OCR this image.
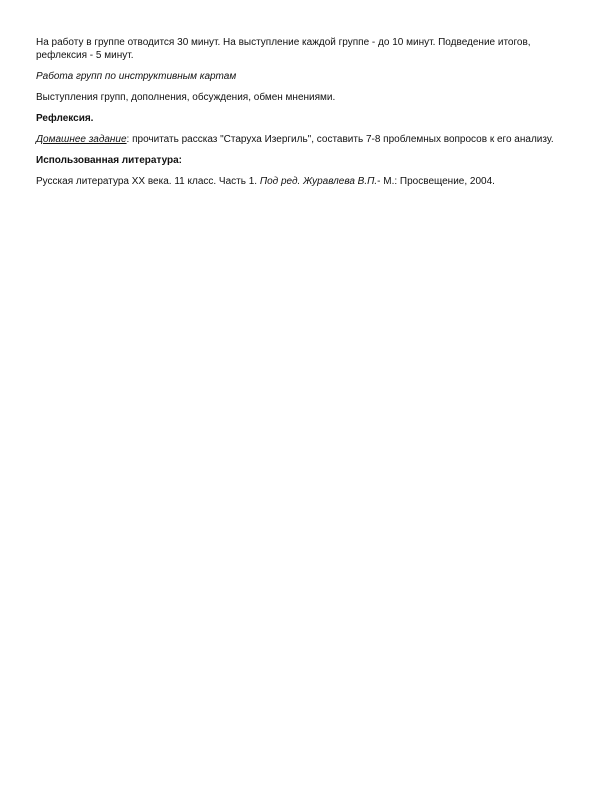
На работу в группе отводится 30 минут. На выступление каждой группе - до 10 минут. Подведение итогов,
рефлексия - 5 минут.

Работа групп по инструктивным картам

Выступления групп, дополнения, обсуждения, обмен мнениями.

Рефлексия.

Домашнее задание: прочитать рассказ "Старуха Изергиль", составить 7-8 проблемных вопросов к его анализу.

Использованная литература:

Русская литература XX века. 11 класс. Часть 1. Под ред. Журавлева В.П.- М.: Просвещение, 2004.
